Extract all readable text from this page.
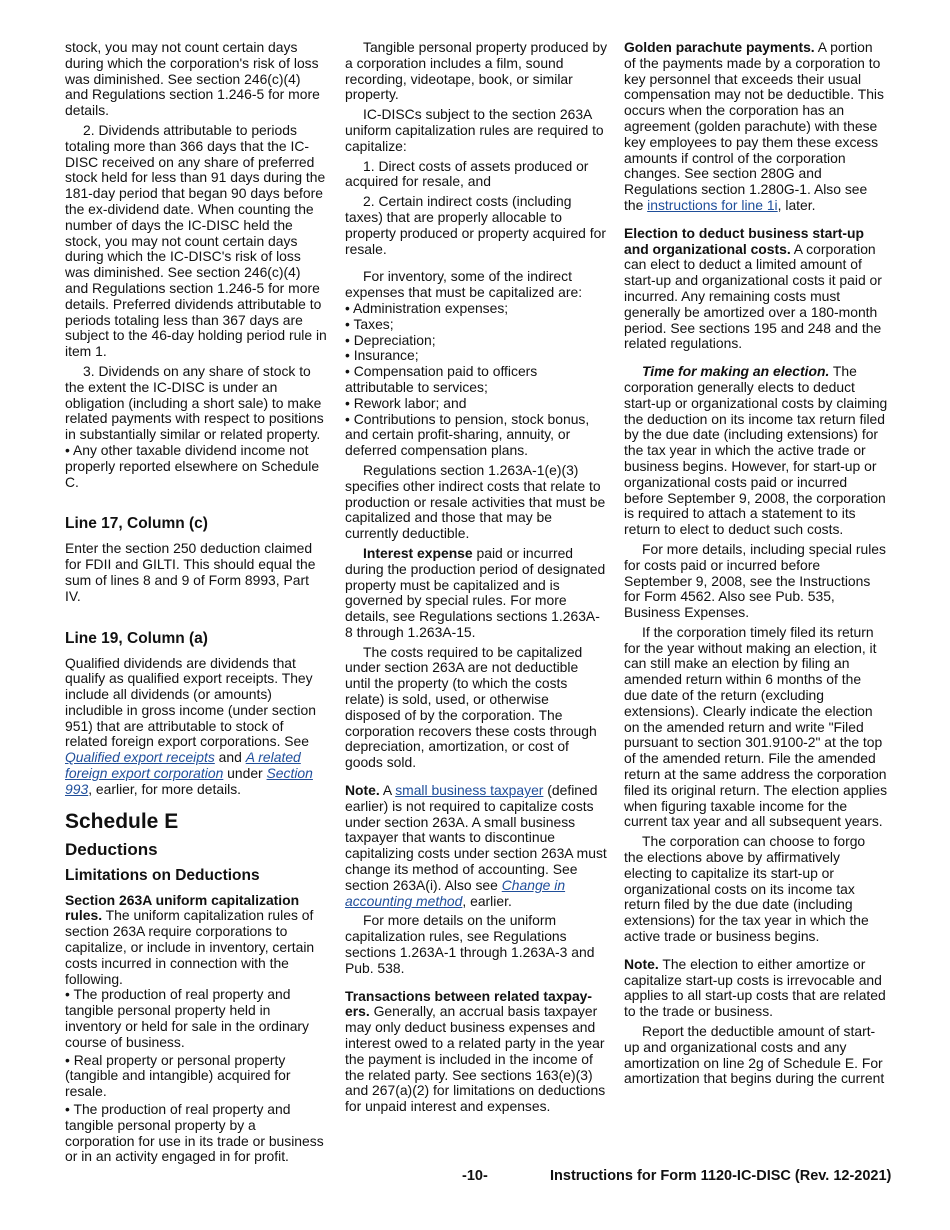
stock, you may not count certain days during which the corporation's risk of loss was diminished. See section 246(c)(4) and Regulations section 1.246-5 for more details.

2. Dividends attributable to periods totaling more than 366 days that the IC-DISC received on any share of preferred stock held for less than 91 days during the 181-day period that began 90 days before the ex-dividend date. When counting the number of days the IC-DISC held the stock, you may not count certain days during which the IC-DISC's risk of loss was diminished. See section 246(c)(4) and Regulations section 1.246-5 for more details. Preferred dividends attributable to periods totaling less than 367 days are subject to the 46-day holding period rule in item 1.

3. Dividends on any share of stock to the extent the IC-DISC is under an obligation (including a short sale) to make related payments with respect to positions in substantially similar or related property.

• Any other taxable dividend income not properly reported elsewhere on Schedule C.

Line 17, Column (c)

Enter the section 250 deduction claimed for FDII and GILTI. This should equal the sum of lines 8 and 9 of Form 8993, Part IV.

Line 19, Column (a)

Qualified dividends are dividends that qualify as qualified export receipts. They include all dividends (or amounts) includible in gross income (under section 951) that are attributable to stock of related foreign export corporations. See Qualified export receipts and A related foreign export corporation under Section 993, earlier, for more details.

Schedule E
Deductions
Limitations on Deductions

Section 263A uniform capitalization rules. The uniform capitalization rules of section 263A require corporations to capitalize, or include in inventory, certain costs incurred in connection with the following.

• The production of real property and tangible personal property held in inventory or held for sale in the ordinary course of business.

• Real property or personal property (tangible and intangible) acquired for resale.

• The production of real property and tangible personal property by a corporation for use in its trade or business or in an activity engaged in for profit.

Tangible personal property produced by a corporation includes a film, sound recording, videotape, book, or similar property.

IC-DISCs subject to the section 263A uniform capitalization rules are required to capitalize:

1. Direct costs of assets produced or acquired for resale, and

2. Certain indirect costs (including taxes) that are properly allocable to property produced or property acquired for resale.

For inventory, some of the indirect expenses that must be capitalized are:

• Administration expenses;

• Taxes;

• Depreciation;

• Insurance;

• Compensation paid to officers attributable to services;

• Rework labor; and

• Contributions to pension, stock bonus, and certain profit-sharing, annuity, or deferred compensation plans.

Regulations section 1.263A-1(e)(3) specifies other indirect costs that relate to production or resale activities that must be capitalized and those that may be currently deductible.

Interest expense paid or incurred during the production period of designated property must be capitalized and is governed by special rules. For more details, see Regulations sections 1.263A-8 through 1.263A-15.

The costs required to be capitalized under section 263A are not deductible until the property (to which the costs relate) is sold, used, or otherwise disposed of by the corporation. The corporation recovers these costs through depreciation, amortization, or cost of goods sold.

Note. A small business taxpayer (defined earlier) is not required to capitalize costs under section 263A. A small business taxpayer that wants to discontinue capitalizing costs under section 263A must change its method of accounting. See section 263A(i). Also see Change in accounting method, earlier.

For more details on the uniform capitalization rules, see Regulations sections 1.263A-1 through 1.263A-3 and Pub. 538.

Transactions between related taxpay-ers. Generally, an accrual basis taxpayer may only deduct business expenses and interest owed to a related party in the year the payment is included in the income of the related party. See sections 163(e)(3) and 267(a)(2) for limitations on deductions for unpaid interest and expenses.

Golden parachute payments. A portion of the payments made by a corporation to key personnel that exceeds their usual compensation may not be deductible. This occurs when the corporation has an agreement (golden parachute) with these key employees to pay them these excess amounts if control of the corporation changes. See section 280G and Regulations section 1.280G-1. Also see the instructions for line 1i, later.

Election to deduct business start-up and organizational costs. A corporation can elect to deduct a limited amount of start-up and organizational costs it paid or incurred. Any remaining costs must generally be amortized over a 180-month period. See sections 195 and 248 and the related regulations.

Time for making an election. The corporation generally elects to deduct start-up or organizational costs by claiming the deduction on its income tax return filed by the due date (including extensions) for the tax year in which the active trade or business begins. However, for start-up or organizational costs paid or incurred before September 9, 2008, the corporation is required to attach a statement to its return to elect to deduct such costs.

For more details, including special rules for costs paid or incurred before September 9, 2008, see the Instructions for Form 4562. Also see Pub. 535, Business Expenses.

If the corporation timely filed its return for the year without making an election, it can still make an election by filing an amended return within 6 months of the due date of the return (excluding extensions). Clearly indicate the election on the amended return and write "Filed pursuant to section 301.9100-2" at the top of the amended return. File the amended return at the same address the corporation filed its original return. The election applies when figuring taxable income for the current tax year and all subsequent years.

The corporation can choose to forgo the elections above by affirmatively electing to capitalize its start-up or organizational costs on its income tax return filed by the due date (including extensions) for the tax year in which the active trade or business begins.

Note. The election to either amortize or capitalize start-up costs is irrevocable and applies to all start-up costs that are related to the trade or business.

Report the deductible amount of start-up and organizational costs and any amortization on line 2g of Schedule E. For amortization that begins during the current

-10-	Instructions for Form 1120-IC-DISC (Rev. 12-2021)
